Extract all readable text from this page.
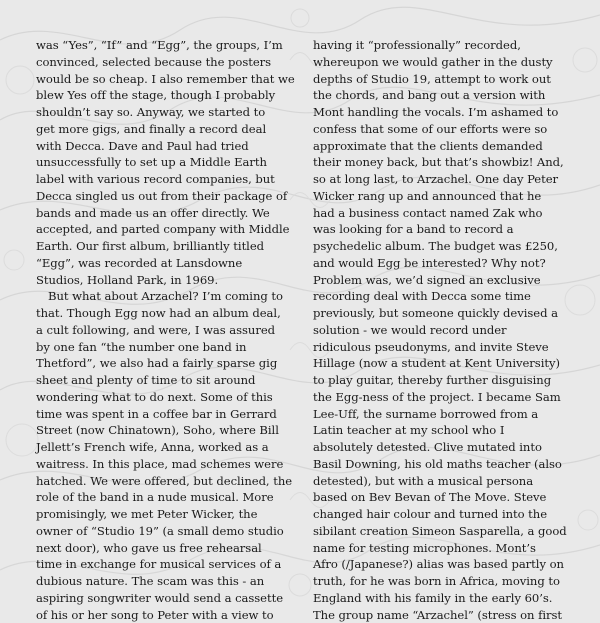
was “Yes”, “If” and “Egg”, the groups, I’m
convinced, selected because the posters
would be so cheap. I also remember that we
blew Yes off the stage, though I probably
shouldn’t say so. Anyway, we started to
get more gigs, and finally a record deal
with Decca. Dave and Paul had tried
unsuccessfully to set up a Middle Earth
label with various record companies, but
Decca singled us out from their package of
bands and made us an offer directly. We
accepted, and parted company with Middle
Earth. Our first album, brilliantly titled
“Egg”, was recorded at Lansdowne
Studios, Holland Park, in 1969.
But what about Arzachel? I’m coming to
that. Though Egg now had an album deal,
a cult following, and were, I was assured
by one fan “the number one band in
Thetford”, we also had a fairly sparse gig
sheet and plenty of time to sit around
wondering what to do next. Some of this
time was spent in a coffee bar in Gerrard
Street (now Chinatown), Soho, where Bill
Jellett’s French wife, Anna, worked as a
waitress. In this place, mad schemes were
hatched. We were offered, but declined, the
role of the band in a nude musical. More
promisingly, we met Peter Wicker, the
owner of “Studio 19” (a small demo studio
next door), who gave us free rehearsal
time in exchange for musical services of a
dubious nature. The scam was this - an
aspiring songwriter would send a cassette
of his or her song to Peter with a view to
having it “professionally” recorded,
whereupon we would gather in the dusty
depths of Studio 19, attempt to work out
the chords, and bang out a version with
Mont handling the vocals. I’m ashamed to
confess that some of our efforts were so
approximate that the clients demanded
their money back, but that’s showbiz! And,
so at long last, to Arzachel. One day Peter
Wicker rang up and announced that he
had a business contact named Zak who
was looking for a band to record a
psychedelic album. The budget was £250,
and would Egg be interested? Why not?
Problem was, we’d signed an exclusive
recording deal with Decca some time
previously, but someone quickly devised a
solution - we would record under
ridiculous pseudonyms, and invite Steve
Hillage (now a student at Kent University)
to play guitar, thereby further disguising
the Egg-ness of the project. I became Sam
Lee-Uff, the surname borrowed from a
Latin teacher at my school who I
absolutely detested. Clive mutated into
Basil Downing, his old maths teacher (also
detested), but with a musical persona
based on Bev Bevan of The Move. Steve
changed hair colour and turned into the
sibilant creation Simeon Sasparella, a good
name for testing microphones. Mont’s
Afro (/Japanese?) alias was based partly on
truth, for he was born in Africa, moving to
England with his family in the early 60’s.
The group name “Arzachel” (stress on first
